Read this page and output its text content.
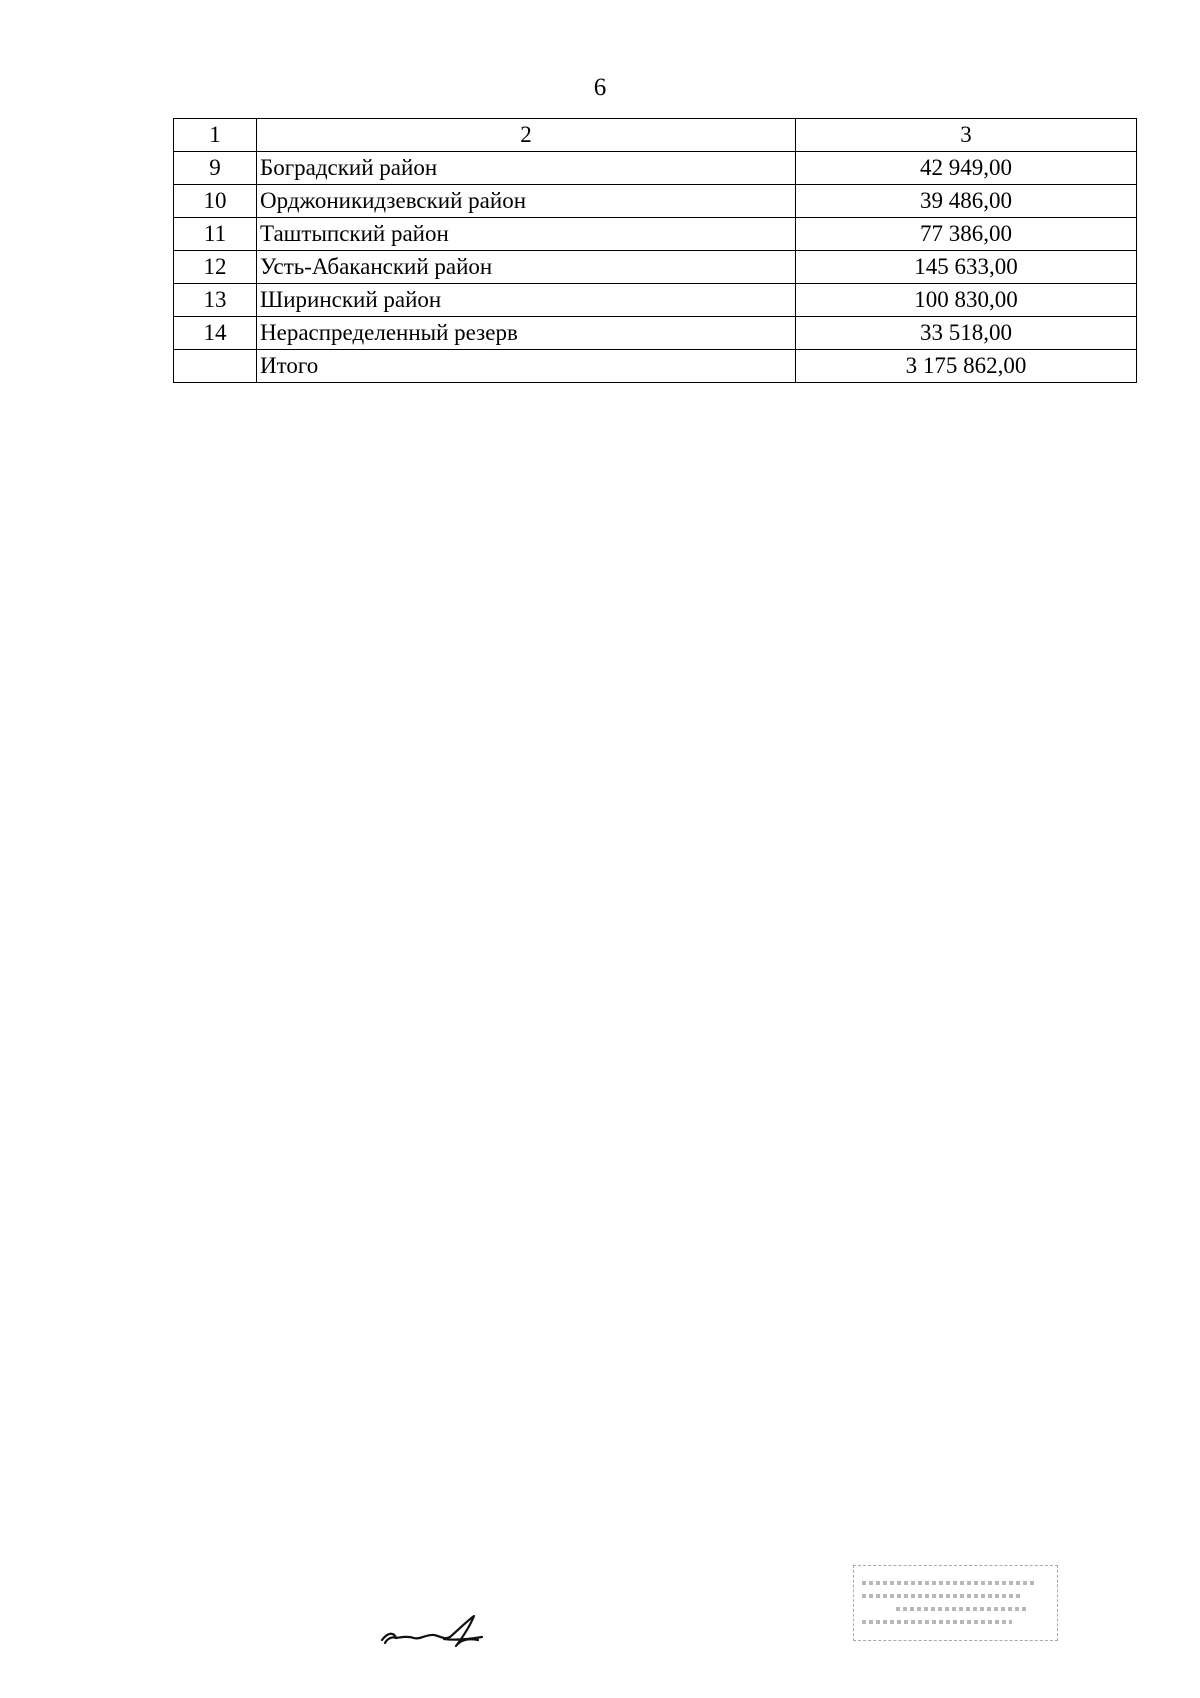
6
1	2	3
9	Боградский район	42 949,00
10	Орджоникидзевский район	39 486,00
11	Таштыпский район	77 386,00
12	Усть-Абаканский район	145 633,00
13	Ширинский район	100 830,00
14	Нераспределенный резерв	33 518,00
	Итого	3 175 862,00
